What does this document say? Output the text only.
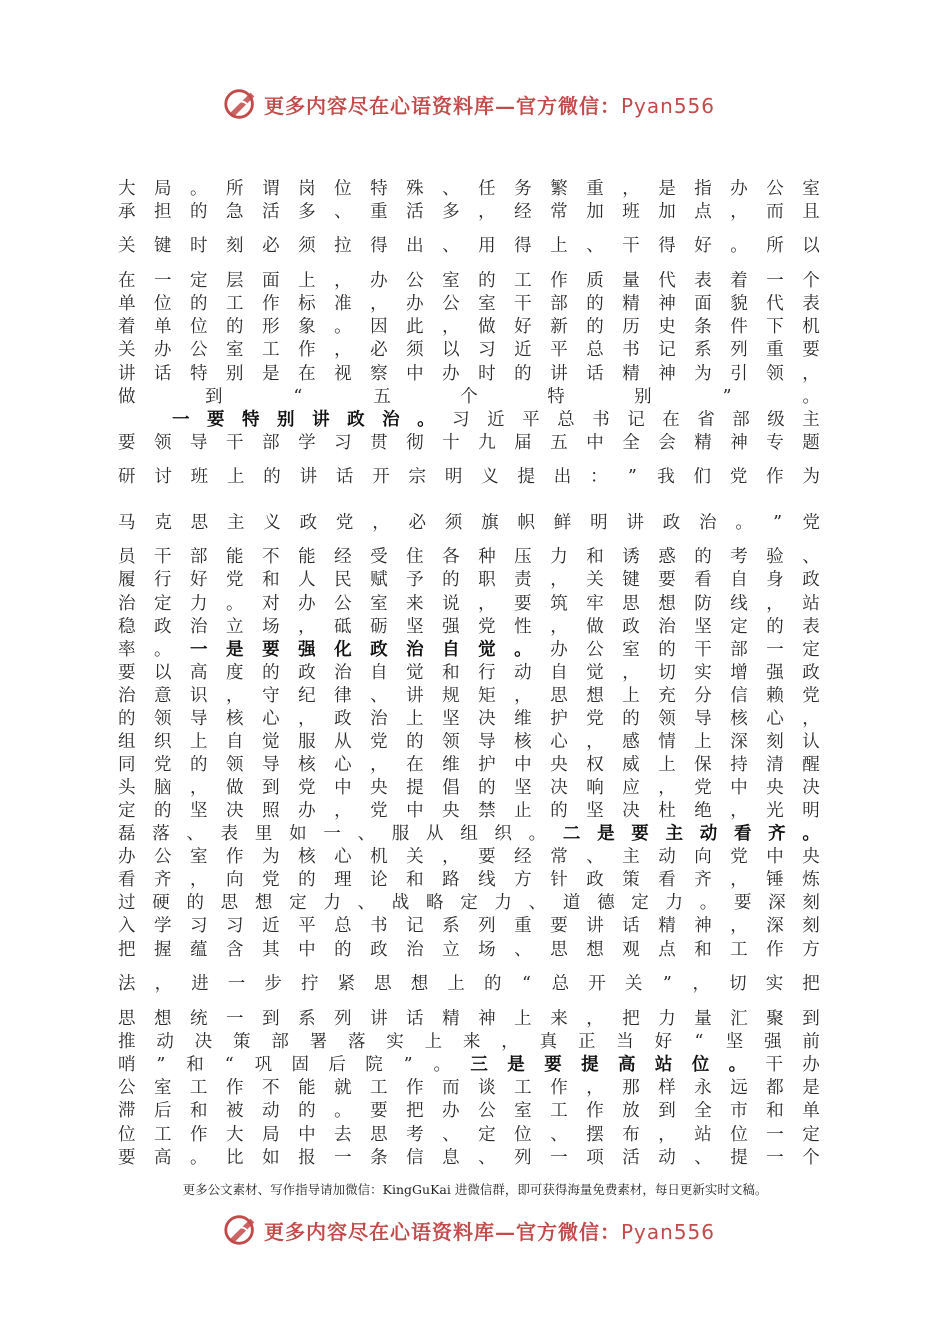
更多内容尽在心语资料库—官方微信：Pyan556
大 局 。 所 谓 岗 位 特 殊 、 任 务 繁 重 ， 是 指 办 公 室
承 担 的 急 活 多 、 重 活 多 ， 经 常 加 班 加 点 ， 而 且
关 键 时 刻 必 须 拉 得 出 、 用 得 上 、 干 得 好 。 所 以
在 一 定 层 面 上 ， 办 公 室 的 工 作 质 量 代 表 着 一 个
单 位 的 工 作 标 准 ， 办 公 室 干 部 的 精 神 面 貌 代 表
着 单 位 的 形 象 。 因 此 ， 做 好 新 的 历 史 条 件 下 机
关 办 公 室 工 作 ， 必 须 以 习 近 平 总 书 记 系 列 重 要
讲 话 特 别 是 在 视 察 中 办 时 的 讲 话 精 神 为 引 领 ，
做	到	“	五	个	特	别	”	。
一 要 特 别 讲 政 治 。 习 近 平 总 书 记 在 省 部 级 主
要 领 导 干 部 学 习 贯 彻 十 九 届 五 中 全 会 精 神 专 题
研 讨 班 上 的 讲 话 开 宗 明 义 提 出 ： ” 我 们 党 作 为
马 克 思 主 义 政 党 ， 必 须 旗 帜 鲜 明 讲 政 治 。 ” 党
员 干 部 能 不 能 经 受 住 各 种 压 力 和 诱 惑 的 考 验 、
履 行 好 党 和 人 民 赋 予 的 职 责 ， 关 键 要 看 自 身 政
治 定 力 。 对 办 公 室 来 说 ， 要 筑 牢 思 想 防 线 ， 站
稳 政 治 立 场 ， 砥 砺 坚 强 党 性 ， 做 政 治 坚 定 的 表
率 。 一 是 要 强 化 政 治 自 觉 。 办 公 室 的 干 部 一 定
要 以 高 度 的 政 治 自 觉 和 行 动 自 觉 ， 切 实 增 强 政
治 意 识 ， 守 纪 律 、 讲 规 矩 ， 思 想 上 充 分 信 赖 党
的 领 导 核 心 ， 政 治 上 坚 决 维 护 党 的 领 导 核 心 ，
组 织 上 自 觉 服 从 党 的 领 导 核 心 ， 感 情 上 深 刻 认
同 党 的 领 导 核 心 ， 在 维 护 中 央 权 威 上 保 持 清 醒
头 脑 ， 做 到 党 中 央 提 倡 的 坚 决 响 应 ， 党 中 央 决
定 的 坚 决 照 办 ， 党 中 央 禁 止 的 坚 决 杜 绝 ， 光 明
磊 落 、 表 里 如 一 、 服 从 组 织 。 二 是 要 主 动 看 齐 。
办 公 室 作 为 核 心 机 关 ， 要 经 常 、 主 动 向 党 中 央
看 齐 ， 向 党 的 理 论 和 路 线 方 针 政 策 看 齐 ， 锤 炼
过 硬 的 思 想 定 力 、 战 略 定 力 、 道 德 定 力 。 要 深 刻
入 学 习 习 近 平 总 书 记 系 列 重 要 讲 话 精 神 ， 深 刻
把 握 蕴 含 其 中 的 政 治 立 场 、 思 想 观 点 和 工 作 方
法 ， 进 一 步 拧 紧 思 想 上 的 “ 总 开 关 ” ， 切 实 把
思 想 统 一 到 系 列 讲 话 精 神 上 来 ， 把 力 量 汇 聚 到
推 动 决 策 部 署 落 实 上 来 ， 真 正 当 好 “ 坚 强 前
哨 ” 和 “ 巩 固 后 院 ” 。 三 是 要 提 高 站 位 。 干 办
公 室 工 作 不 能 就 工 作 而 谈 工 作 ， 那 样 永 远 都 是
滞 后 和 被 动 的 。 要 把 办 公 室 工 作 放 到 全 市 和 单
位 工 作 大 局 中 去 思 考 、 定 位 、 摆 布 ， 站 位 一 定
要 高 。 比 如 报 一 条 信 息 、 列 一 项 活 动 、 提 一 个
更多公文素材、写作指导请加微信：KingGuKai 进微信群，即可获得海量免费素材，每日更新实时文稿。
更多内容尽在心语资料库—官方微信：Pyan556
